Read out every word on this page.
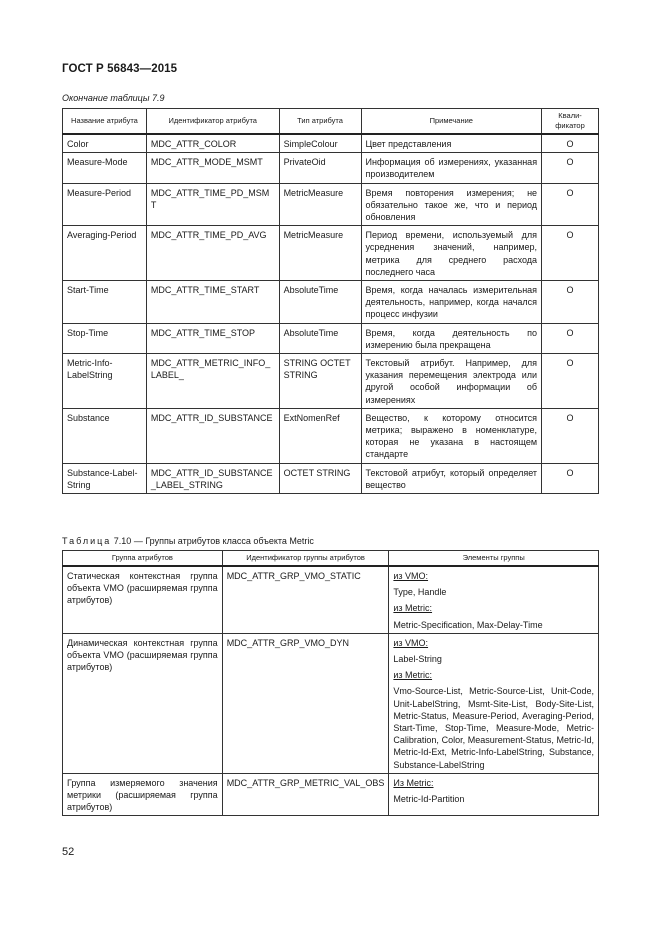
ГОСТ Р 56843—2015
Окончание таблицы 7.9
Название атрибута	Идентификатор атрибута	Тип атрибута	Примечание	Квали-фикатор
Color	MDC_ATTR_COLOR	SimpleColour	Цвет представления	O
Measure-Mode	MDC_ATTR_MODE_MSMT	PrivateOid	Информация об измерениях, указанная производителем	O
Measure-Period	MDC_ATTR_TIME_PD_MSMT	MetricMeasure	Время повторения измерения; не обязательно такое же, что и период обновления	O
Averaging-Period	MDC_ATTR_TIME_PD_AVG	MetricMeasure	Период времени, используемый для усреднения значений, например, метрика для среднего расхода последнего часа	O
Start-Time	MDC_ATTR_TIME_START	AbsoluteTime	Время, когда началась измерительная деятельность, например, когда начался процесс инфузии	O
Stop-Time	MDC_ATTR_TIME_STOP	AbsoluteTime	Время, когда деятельность по измерению была прекращена	O
Metric-Info-LabelString	MDC_ATTR_METRIC_INFO_LABEL_	STRING OCTET STRING	Текстовый атрибут. Например, для указания перемещения электрода или другой особой информации об измерениях	O
Substance	MDC_ATTR_ID_SUBSTANCE	ExtNomenRef	Вещество, к которому относится метрика; выражено в номенклатуре, которая не указана в настоящем стандарте	O
Substance-Label-String	MDC_ATTR_ID_SUBSTANCE_LABEL_STRING	OCTET STRING	Текстовой атрибут, который определяет вещество	O
Таблица 7.10 — Группы атрибутов класса объекта Metric
Группа атрибутов	Идентификатор группы атрибутов	Элементы группы
Статическая контекстная группа объекта VMO (расширяемая группа атрибутов)	MDC_ATTR_GRP_VMO_STATIC	из VMO:
Type, Handle
из Metric:
Metric-Specification, Max-Delay-Time

Динамическая контекстная группа объекта VMO (расширяемая группа атрибутов)	MDC_ATTR_GRP_VMO_DYN	из VMO:
Label-String
из Metric:
Vmo-Source-List, Metric-Source-List, Unit-Code, Unit-LabelString, Msmt-Site-List, Body-Site-List, Metric-Status, Measure-Period, Averaging-Period, Start-Time, Stop-Time, Measure-Mode, Metric-Calibration, Color, Measurement-Status, Metric-Id, Metric-Id-Ext, Metric-Info-LabelString, Substance, Substance-LabelString

Группа измеряемого значения метрики (расширяемая группа атрибутов)	MDC_ATTR_GRP_METRIC_VAL_OBS	Из Metric:
Metric-Id-Partition
52
